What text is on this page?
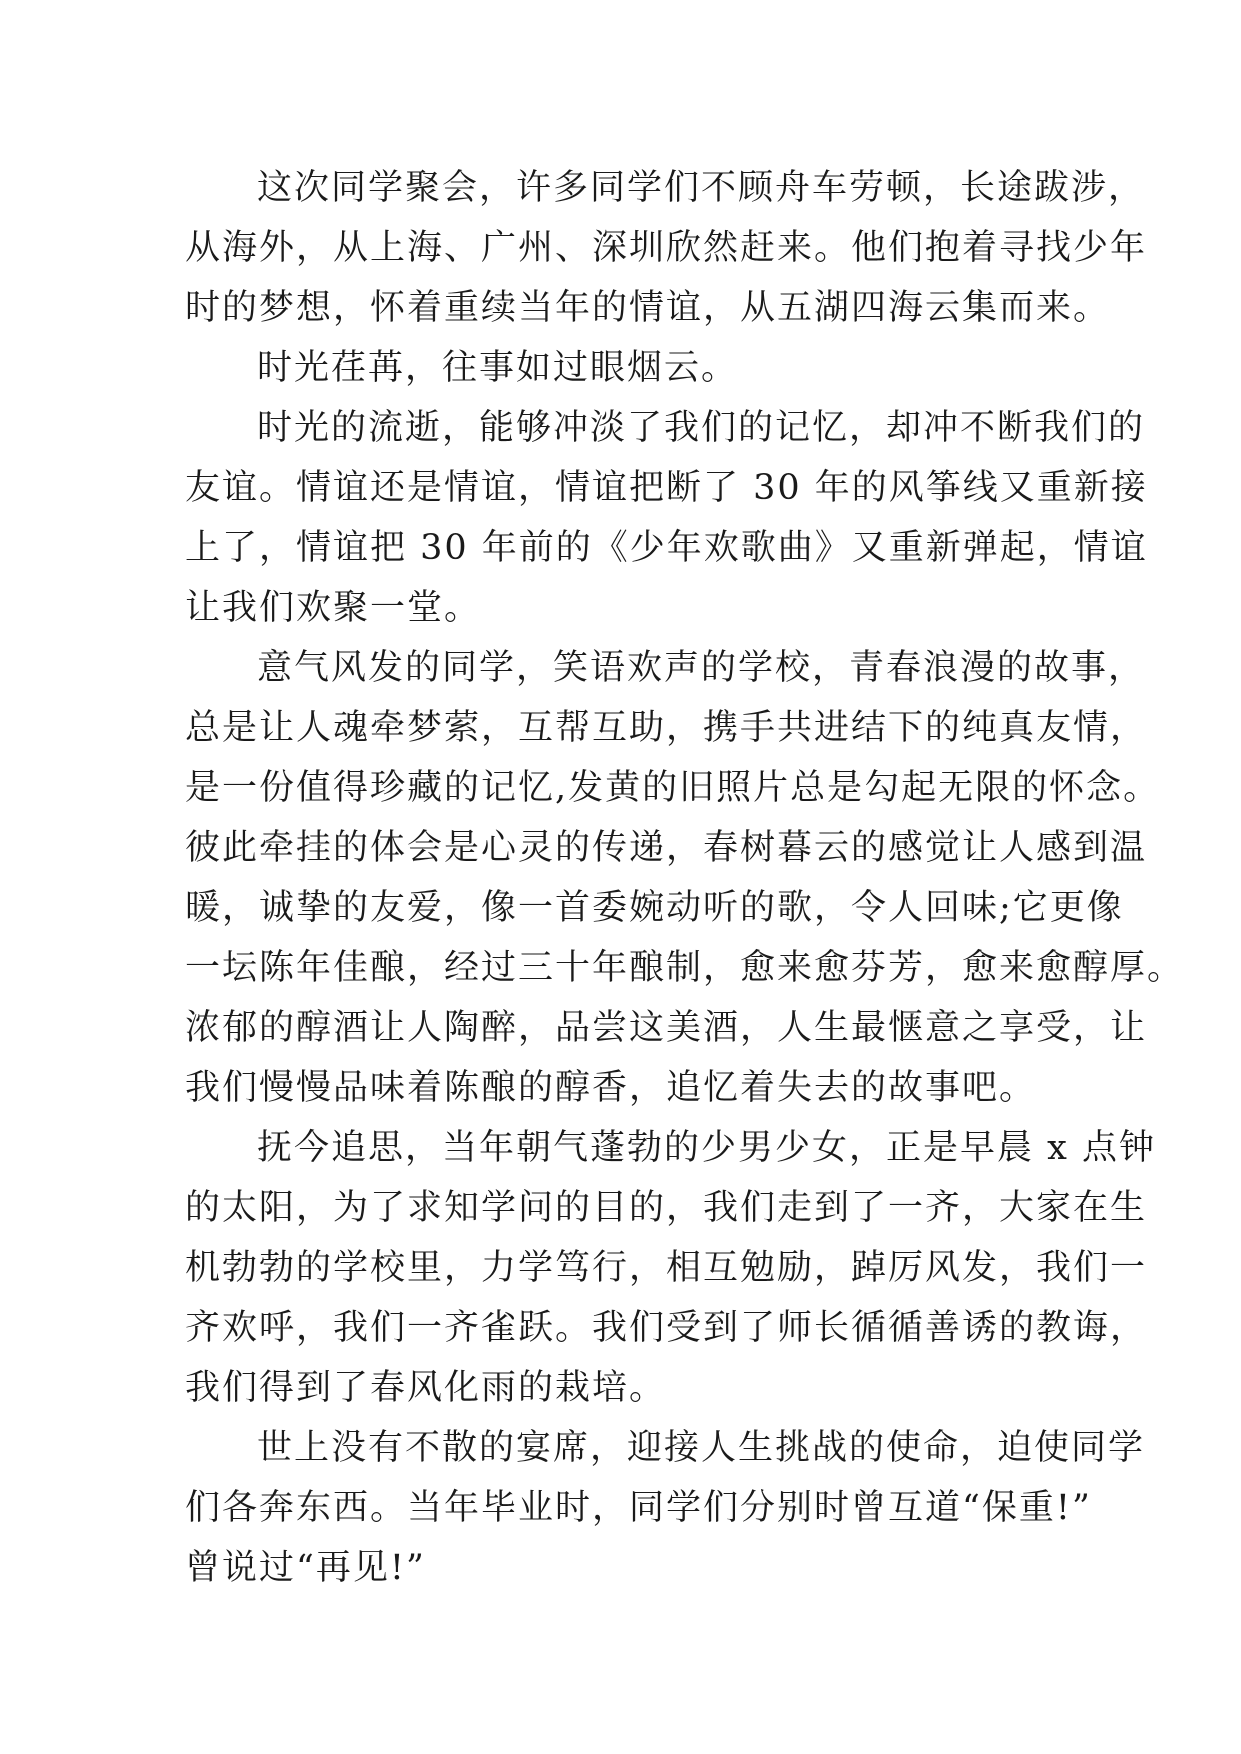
这次同学聚会，许多同学们不顾舟车劳顿，长途跋涉，
从海外，从上海、广州、深圳欣然赶来。他们抱着寻找少年
时的梦想，怀着重续当年的情谊，从五湖四海云集而来。
时光荏苒，往事如过眼烟云。
时光的流逝，能够冲淡了我们的记忆，却冲不断我们的
友谊。情谊还是情谊，情谊把断了 30 年的风筝线又重新接
上了，情谊把 30 年前的《少年欢歌曲》又重新弹起，情谊
让我们欢聚一堂。
意气风发的同学，笑语欢声的学校，青春浪漫的故事，
总是让人魂牵梦萦，互帮互助，携手共进结下的纯真友情，
是一份值得珍藏的记忆,发黄的旧照片总是勾起无限的怀念。
彼此牵挂的体会是心灵的传递，春树暮云的感觉让人感到温
暖，诚挚的友爱，像一首委婉动听的歌，令人回味;它更像
一坛陈年佳酿，经过三十年酿制，愈来愈芬芳，愈来愈醇厚。
浓郁的醇酒让人陶醉，品尝这美酒，人生最惬意之享受，让
我们慢慢品味着陈酿的醇香，追忆着失去的故事吧。
抚今追思，当年朝气蓬勃的少男少女，正是早晨 x 点钟
的太阳，为了求知学问的目的，我们走到了一齐，大家在生
机勃勃的学校里，力学笃行，相互勉励，踔厉风发，我们一
齐欢呼，我们一齐雀跃。我们受到了师长循循善诱的教诲，
我们得到了春风化雨的栽培。
世上没有不散的宴席，迎接人生挑战的使命，迫使同学
们各奔东西。当年毕业时，同学们分别时曾互道“保重!”
曾说过“再见!”
